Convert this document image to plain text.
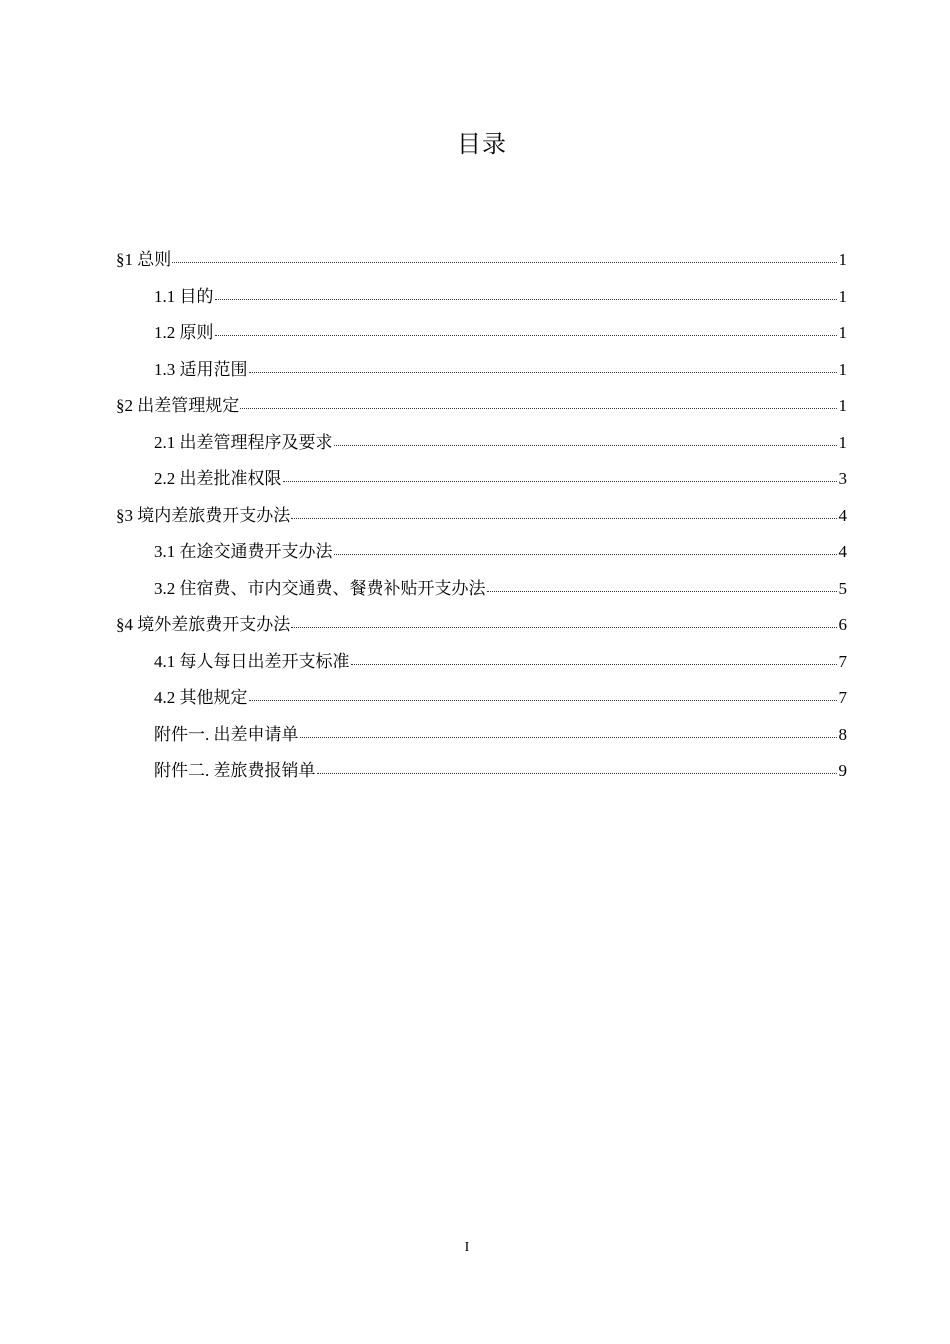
目录
§1 总则	1
1.1 目的	1
1.2 原则	1
1.3 适用范围	1
§2 出差管理规定	1
2.1 出差管理程序及要求	1
2.2 出差批准权限	3
§3 境内差旅费开支办法	4
3.1 在途交通费开支办法	4
3.2 住宿费、市内交通费、餐费补贴开支办法	5
§4 境外差旅费开支办法	6
4.1 每人每日出差开支标准	7
4.2 其他规定	7
附件一. 出差申请单	8
附件二. 差旅费报销单	9
I
